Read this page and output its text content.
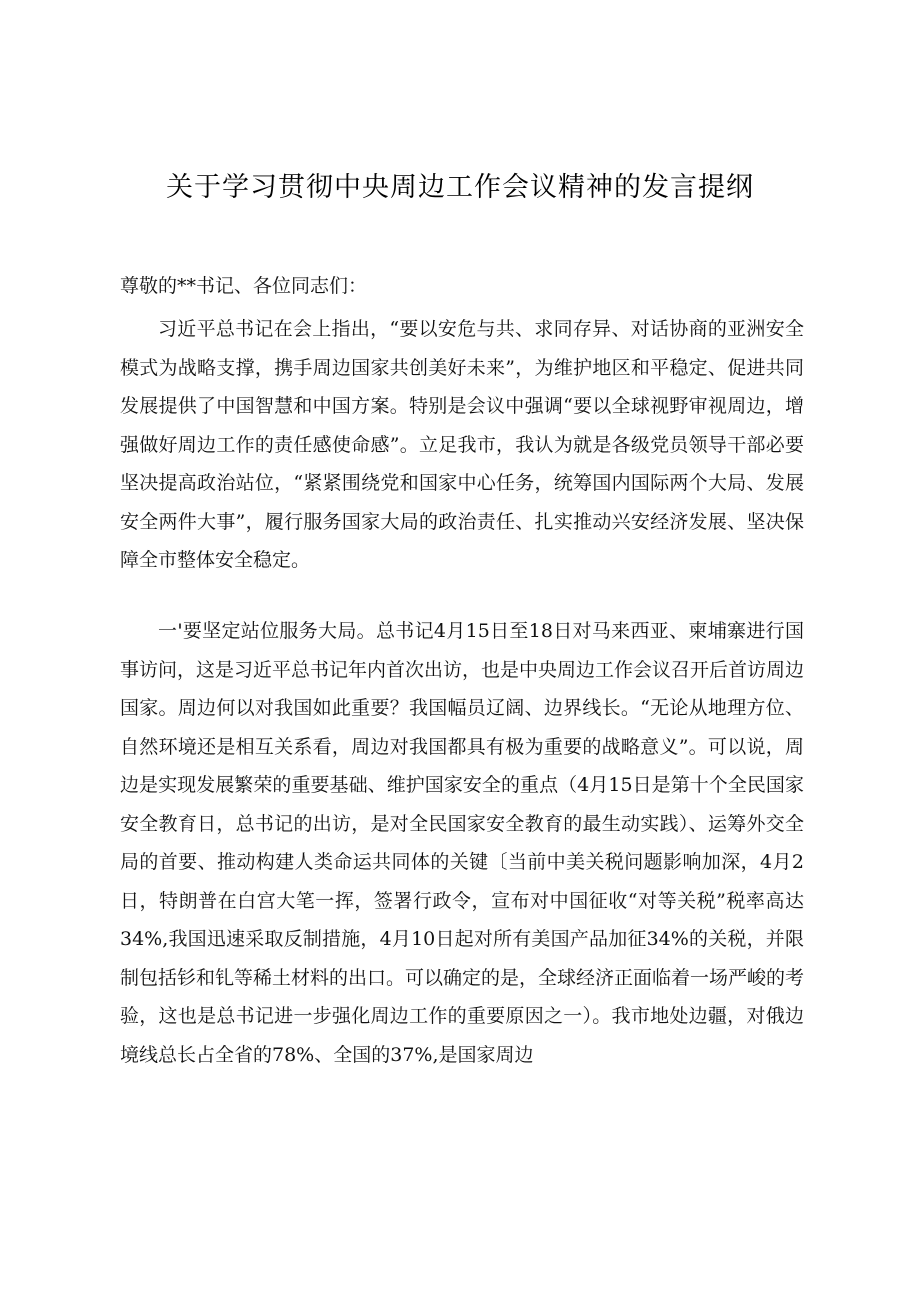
关于学习贯彻中央周边工作会议精神的发言提纲
尊敬的**书记、各位同志们：

习近平总书记在会上指出，“要以安危与共、求同存异、对话协商的亚洲安全模式为战略支撑，携手周边国家共创美好未来”，为维护地区和平稳定、促进共同发展提供了中国智慧和中国方案。特别是会议中强调“要以全球视野审视周边，增强做好周边工作的责任感使命感”。立足我市，我认为就是各级党员领导干部必要坚决提高政治站位，“紧紧围绕党和国家中心任务，统筹国内国际两个大局、发展安全两件大事”，履行服务国家大局的政治责任、扎实推动兴安经济发展、坚决保障全市整体安全稳定。

一'要坚定站位服务大局。总书记4月15日至18日对马来西亚、柬埔寨进行国事访问，这是习近平总书记年内首次出访，也是中央周边工作会议召开后首访周边国家。周边何以对我国如此重要？我国幅员辽阔、边界线长。“无论从地理方位、自然环境还是相互关系看，周边对我国都具有极为重要的战略意义”。可以说，周边是实现发展繁荣的重要基础、维护国家安全的重点（4月15日是第十个全民国家安全教育日，总书记的出访，是对全民国家安全教育的最生动实践）、运筹外交全局的首要、推动构建人类命运共同体的关键〔当前中美关税问题影响加深，4月2日，特朗普在白宫大笔一挥，签署行政令，宣布对中国征收“对等关税”税率高达34%,我国迅速采取反制措施，4月10日起对所有美国产品加征34%的关税，并限制包括钐和钆等稀土材料的出口。可以确定的是，全球经济正面临着一场严峻的考验，这也是总书记进一步强化周边工作的重要原因之一）。我市地处边疆，对俄边境线总长占全省的78%、全国的37%,是国家周边
